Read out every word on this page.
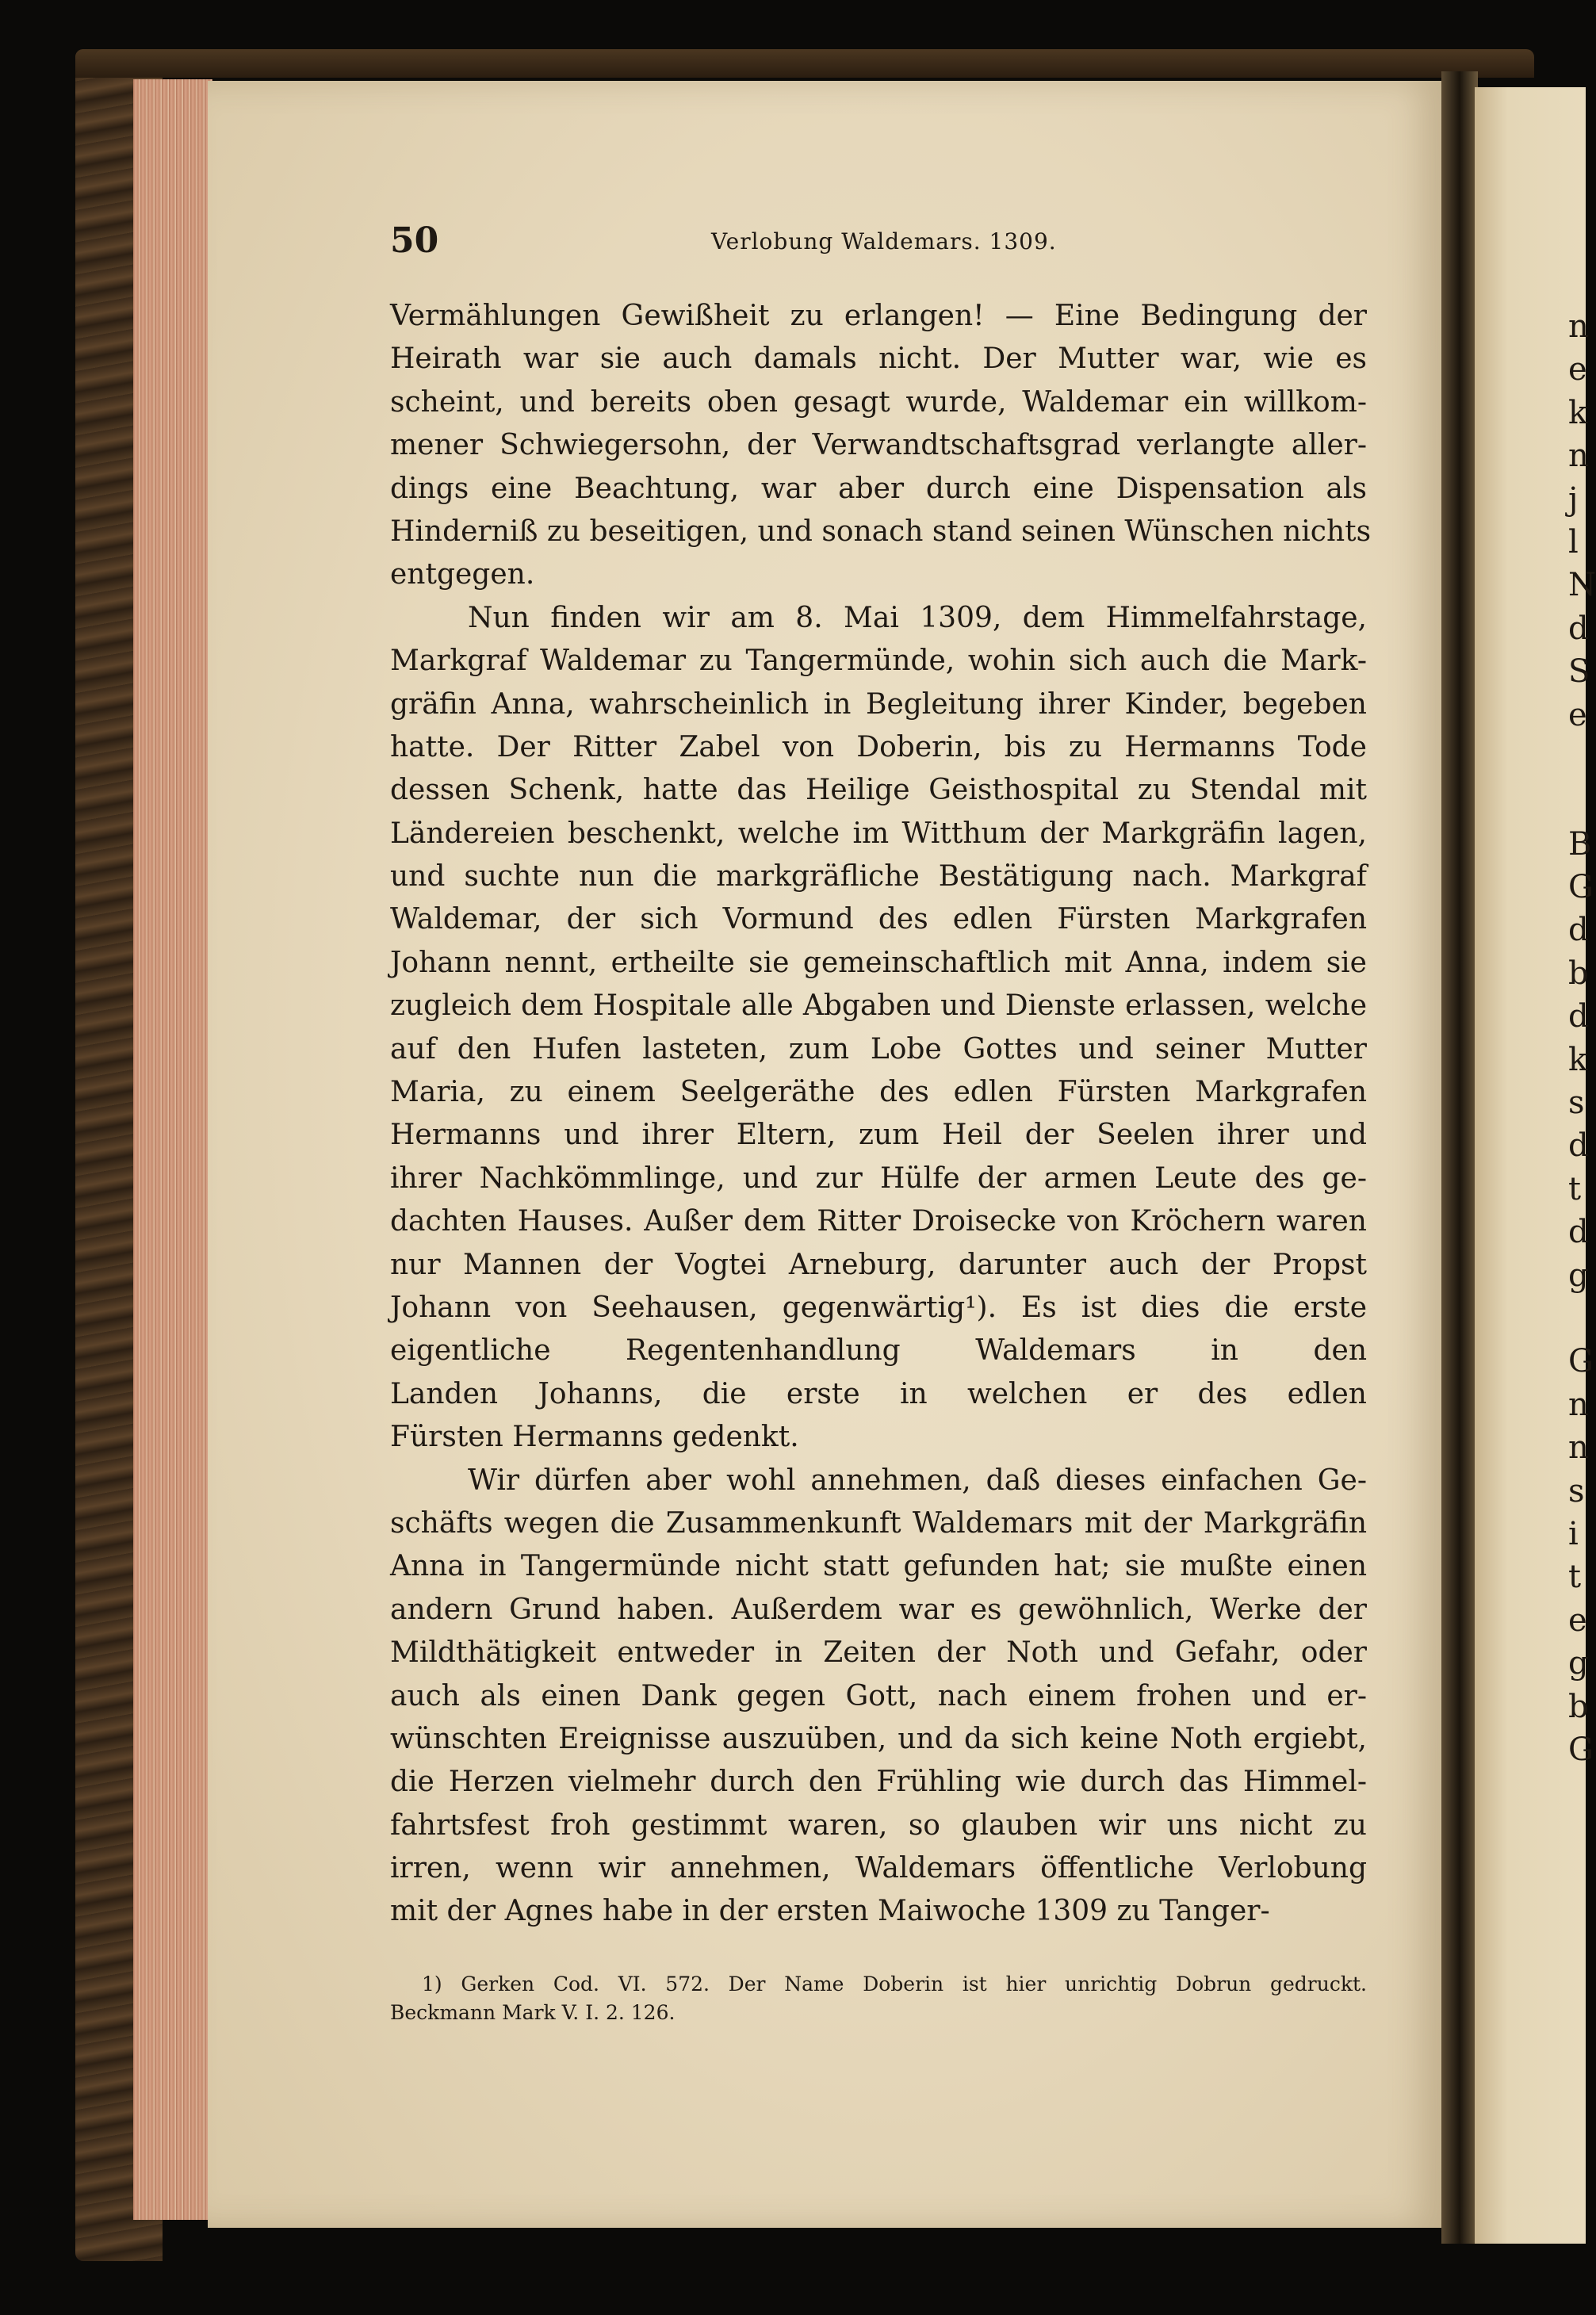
n
e
k
n
j
l
N
d
S
e
B
G
d
b
d
k
s
d
t
d
g
G
n
n
s
i
t
e
g
b
G
50	Verlobung Waldemars. 1309.
Vermählungen Gewißheit zu erlangen! — Eine Bedingung der
Heirath war sie auch damals nicht. Der Mutter war, wie es
scheint, und bereits oben gesagt wurde, Waldemar ein willkom-
mener Schwiegersohn, der Verwandtschaftsgrad verlangte aller-
dings eine Beachtung, war aber durch eine Dispensation als
Hinderniß zu beseitigen, und sonach stand seinen Wünschen nichts
entgegen.
Nun finden wir am 8. Mai 1309, dem Himmelfahrstage,
Markgraf Waldemar zu Tangermünde, wohin sich auch die Mark-
gräfin Anna, wahrscheinlich in Begleitung ihrer Kinder, begeben
hatte. Der Ritter Zabel von Doberin, bis zu Hermanns Tode
dessen Schenk, hatte das Heilige Geisthospital zu Stendal mit
Ländereien beschenkt, welche im Witthum der Markgräfin lagen,
und suchte nun die markgräfliche Bestätigung nach. Markgraf
Waldemar, der sich Vormund des edlen Fürsten Markgrafen
Johann nennt, ertheilte sie gemeinschaftlich mit Anna, indem sie
zugleich dem Hospitale alle Abgaben und Dienste erlassen, welche
auf den Hufen lasteten, zum Lobe Gottes und seiner Mutter
Maria, zu einem Seelgeräthe des edlen Fürsten Markgrafen
Hermanns und ihrer Eltern, zum Heil der Seelen ihrer und
ihrer Nachkömmlinge, und zur Hülfe der armen Leute des ge-
dachten Hauses. Außer dem Ritter Droisecke von Kröchern waren
nur Mannen der Vogtei Arneburg, darunter auch der Propst
Johann von Seehausen, gegenwärtig¹). Es ist dies die erste
eigentliche Regentenhandlung Waldemars in den
Landen Johanns, die erste in welchen er des edlen
Fürsten Hermanns gedenkt.
Wir dürfen aber wohl annehmen, daß dieses einfachen Ge-
schäfts wegen die Zusammenkunft Waldemars mit der Markgräfin
Anna in Tangermünde nicht statt gefunden hat; sie mußte einen
andern Grund haben. Außerdem war es gewöhnlich, Werke der
Mildthätigkeit entweder in Zeiten der Noth und Gefahr, oder
auch als einen Dank gegen Gott, nach einem frohen und er-
wünschten Ereignisse auszuüben, und da sich keine Noth ergiebt,
die Herzen vielmehr durch den Frühling wie durch das Himmel-
fahrtsfest froh gestimmt waren, so glauben wir uns nicht zu
irren, wenn wir annehmen, Waldemars öffentliche Verlobung
mit der Agnes habe in der ersten Maiwoche 1309 zu Tanger-
1) Gerken Cod. VI. 572. Der Name Doberin ist hier unrichtig Dobrun gedruckt.
Beckmann Mark V. I. 2. 126.
